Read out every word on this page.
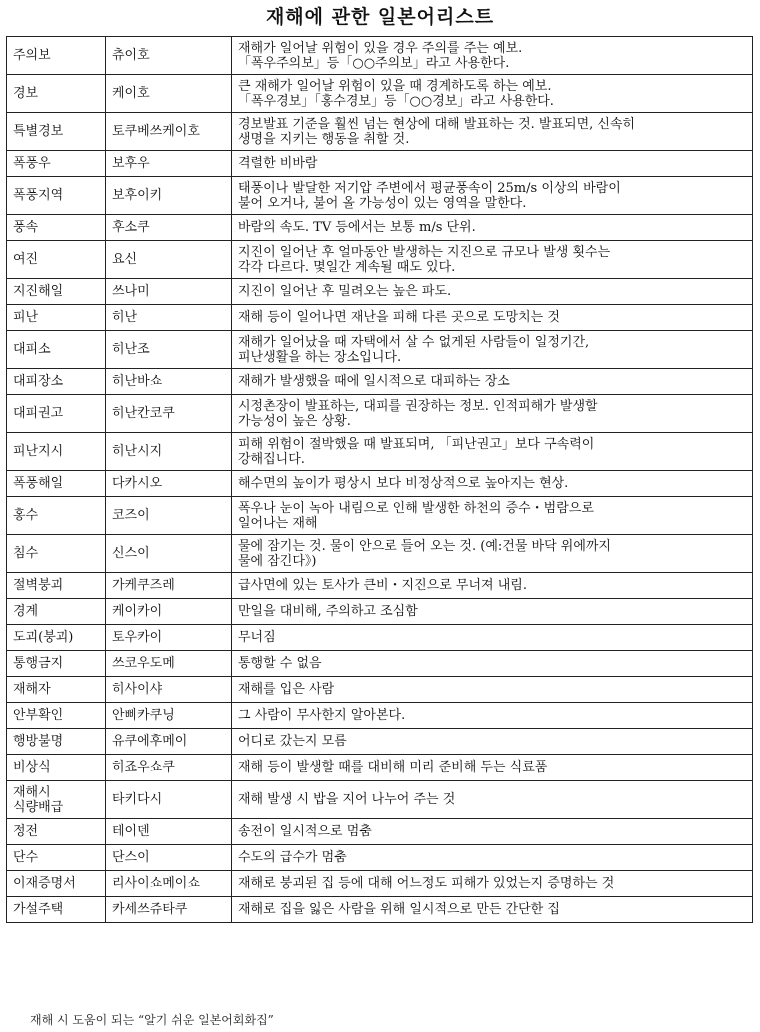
재해에 관한 일본어리스트
주의보	츄이호	재해가 일어날 위험이 있을 경우 주의를 주는 예보.
「폭우주의보」등「○○주의보」라고 사용한다.
경보	케이호	큰 재해가 일어날 위험이 있을 때 경계하도록 하는 예보.
「폭우경보」「홍수경보」등「○○경보」라고 사용한다.
특별경보	토쿠베쓰케이호	경보발표 기준을 훨씬 넘는 현상에 대해 발표하는 것. 발표되면, 신속히
생명을 지키는 행동을 취할 것.
폭풍우	보후우	격렬한 비바람
폭풍지역	보후이키	태풍이나 발달한 저기압 주변에서 평균풍속이 25m/s 이상의 바람이
불어 오거나, 불어 올 가능성이 있는 영역을 말한다.
풍속	후소쿠	바람의 속도. TV 등에서는 보통 m/s 단위.
여진	요신	지진이 일어난 후 얼마동안 발생하는 지진으로 규모나 발생 횟수는
각각 다르다. 몇일간 계속될 때도 있다.
지진해일	쓰나미	지진이 일어난 후 밀려오는 높은 파도.
피난	히난	재해 등이 일어나면 재난을 피해 다른 곳으로 도망치는 것
대피소	히난조	재해가 일어났을 때 자택에서 살 수 없게된 사람들이 일정기간,
피난생활을 하는 장소입니다.
대피장소	히난바쇼	재해가 발생했을 때에 일시적으로 대피하는 장소
대피권고	히난칸코쿠	시정촌장이 발표하는, 대피를 권장하는 정보. 인적피해가 발생할
가능성이 높은 상황.
피난지시	히난시지	피해 위험이 절박했을 때 발표되며, 「피난권고」보다 구속력이
강해집니다.
폭풍해일	다카시오	해수면의 높이가 평상시 보다 비정상적으로 높아지는 현상.
홍수	코즈이	폭우나 눈이 녹아 내림으로 인해 발생한 하천의 증수・범람으로
일어나는 재해
침수	신스이	물에 잠기는 것. 물이 안으로 들어 오는 것. (예:건물 바닥 위에까지
물에 잠긴다》)
절벽붕괴	가케쿠즈레	급사면에 있는 토사가 큰비・지진으로 무너져 내림.
경계	케이카이	만일을 대비해, 주의하고 조심함
도괴(붕괴)	토우카이	무너짐
통행금지	쓰코우도메	통행할 수 없음
재해자	히사이샤	재해를 입은 사람
안부확인	안삐카쿠닝	그 사람이 무사한지 알아본다.
행방불명	유쿠에후메이	어디로 갔는지 모름
비상식	히죠우쇼쿠	재해 등이 발생할 때를 대비해 미리 준비해 두는 식료품
재해시
식량배급	타키다시	재해 발생 시 밥을 지어 나누어 주는 것
정전	테이덴	송전이 일시적으로 멈춤
단수	단스이	수도의 급수가 멈춤
이재증명서	리사이쇼메이쇼	재해로 붕괴된 집 등에 대해 어느정도 피해가 있었는지 증명하는 것
가설주택	카세쓰쥬타쿠	재해로 집을 잃은 사람을 위해 일시적으로 만든 간단한 집
재해 시 도움이 되는 “알기 쉬운 일본어회화집”
